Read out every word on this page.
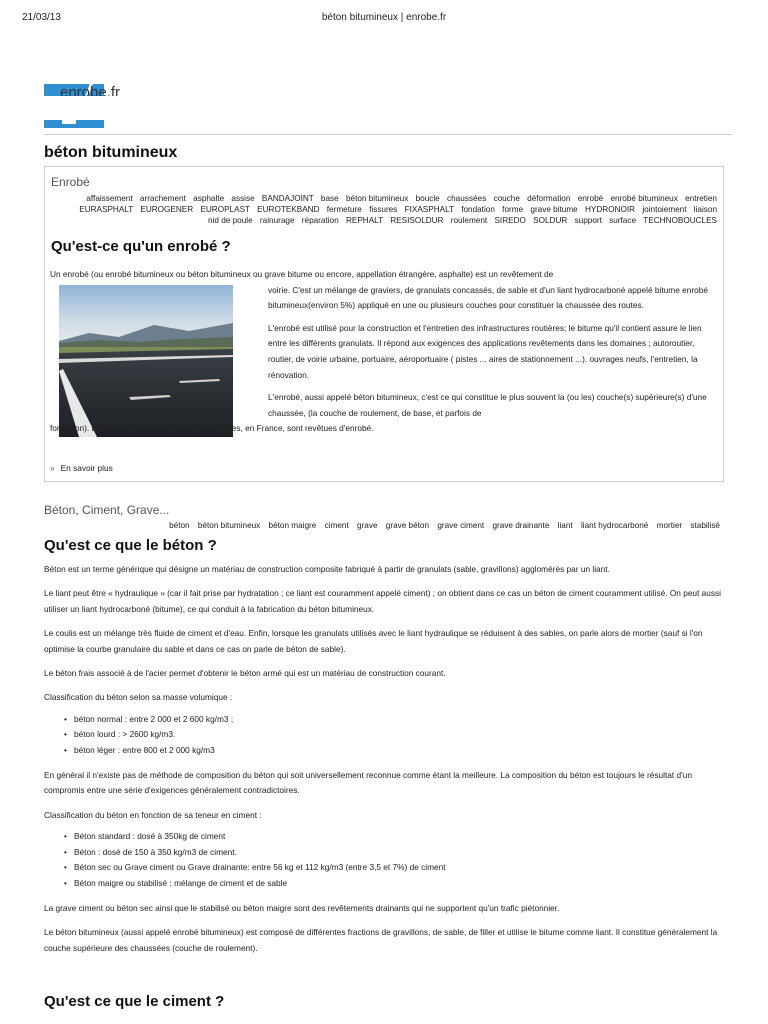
21/03/13	béton bitumineux | enrobe.fr
enrobe.fr
béton bitumineux
Enrobé
affaissement arrachement asphalte assise BANDAJOINT base béton bitumineux boucle chaussées couche déformation enrobé enrobé bitumineux entretien EURASPHALT EUROGENER EUROPLAST EUROTEKBAND fermeture fissures FIXASPHALT fondation forme grave bitume HYDRONOIR jointoiement liaison nid de poule rainurage réparation REPHALT RESISOLDUR roulement SIREDO SOLDUR support surface TECHNOBOUCLES
Qu'est-ce qu'un enrobé ?

Un enrobé (ou enrobé bitumineux ou béton bitumineux ou grave bitume ou encore, appellation étrangère, asphalte) est un revêtement de

voirie. C'est un mélange de graviers, de granulats concassés, de sable et d'un liant hydrocarboné appelé bitume enrobé bitumineux(environ 5%) appliqué en une ou plusieurs couches pour constituer la chaussée des routes.

L'enrobé est utilisé pour la construction et l'entretien des infrastructures routières; le bitume qu'il contient assure le lien entre les différents granulats. Il répond aux exigences des applications revêtements dans les domaines ; autoroutier, routier, de voirie urbaine, portuaire, aéroportuaire ( pistes ... aires de stationnement ...). ouvrages neufs, l'entretien, la rénovation.

L'enrobé, aussi appelé béton bitumineux, c'est ce qui constitue le plus souvent la (ou les) couche(s) supérieure(s) d'une chaussée, (la couche de roulement, de base, et parfois de

fondation). La majeure partie des routes et des rues, en France, sont revêtues d'enrobé.

» En savoir plus
Béton, Ciment, Grave...
béton béton bitumineux béton maigre ciment grave grave béton grave ciment grave drainante liant liant hydrocarboné mortier stabilisé
Qu'est ce que le béton ?

Béton est un terme générique qui désigne un matériau de construction composite fabriqué à partir de granulats (sable, gravillons) agglomérés par un liant.

Le liant peut être « hydraulique » (car il fait prise par hydratation ; ce liant est couramment appelé ciment) ; on obtient dans ce cas un béton de ciment couramment utilisé. On peut aussi utiliser un liant hydrocarboné (bitume), ce qui conduit à la fabrication du béton bitumineux.

Le coulis est un mélange très fluide de ciment et d'eau. Enfin, lorsque les granulats utilisés avec le liant hydraulique se réduisent à des sables, on parle alors de mortier (sauf si l'on optimise la courbe granulaire du sable et dans ce cas on parle de béton de sable).

Le béton frais associé à de l'acier permet d'obtenir le béton armé qui est un matériau de construction courant.

Classification du béton selon sa masse volumique :

• béton normal : entre 2 000 et 2 600 kg/m3 ;
• béton lourd : > 2600 kg/m3.
• béton léger : entre 800 et 2 000 kg/m3

En général il n'existe pas de méthode de composition du béton qui soit universellement reconnue comme étant la meilleure. La composition du béton est toujours le résultat d'un compromis entre une série d'exigences généralement contradictoires.

Classification du béton en fonction de sa teneur en ciment :

• Béton standard : dosé à 350kg de ciment
• Béton : dosé de 150 à 350 kg/m3 de ciment.
• Béton sec ou Grave ciment ou Grave drainante: entre 56 kg et 112 kg/m3 (entre 3,5 et 7%) de ciment
• Béton maigre ou stabilisé : mélange de ciment et de sable

La grave ciment ou béton sec ainsi que le stabilisé ou béton maigre sont des revêtements drainants qui ne supportent qu'un trafic piétonnier.

Le béton bitumineux (aussi appelé enrobé bitumineux) est composé de différentes fractions de gravillons, de sable, de filler et utilise le bitume comme liant. Il constitue généralement la couche supérieure des chaussées (couche de roulement).

Qu'est ce que le ciment ?
